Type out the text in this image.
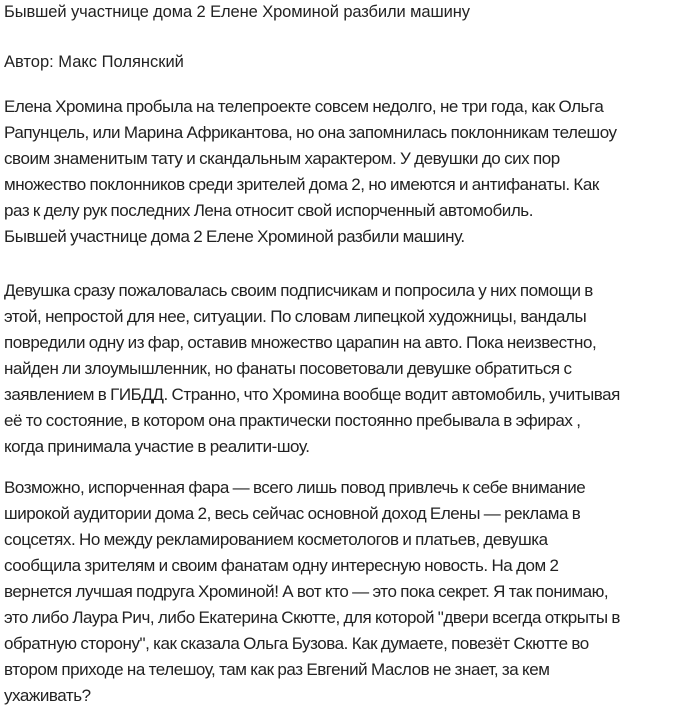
Бывшей участнице дома 2 Елене Хроминой разбили машину
Автор: Макс Полянский
Елена Хромина пробыла на телепроекте совсем недолго, не три года, как Ольга
Рапунцель, или Марина Африкантова, но она запомнилась поклонникам телешоу
своим знаменитым тату и скандальным характером. У девушки до сих пор
множество поклонников среди зрителей дома 2, но имеются и антифанаты. Как
раз к делу рук последних Лена относит свой испорченный автомобиль.
Бывшей участнице дома 2 Елене Хроминой разбили машину.
Девушка сразу пожаловалась своим подписчикам и попросила у них помощи в
этой, непростой для нее, ситуации. По словам липецкой художницы, вандалы
повредили одну из фар, оставив множество царапин на авто. Пока неизвестно,
найден ли злоумышленник, но фанаты посоветовали девушке обратиться с
заявлением в ГИБДД. Странно, что Хромина вообще водит автомобиль, учитывая
её то состояние, в котором она практически постоянно пребывала в эфирах ,
когда принимала участие в реалити-шоу.
Возможно, испорченная фара — всего лишь повод привлечь к себе внимание
широкой аудитории дома 2, весь сейчас основной доход Елены — реклама в
соцсетях. Но между рекламированием косметологов и платьев, девушка
сообщила зрителям и своим фанатам одну интересную новость. На дом 2
вернется лучшая подруга Хроминой! А вот кто — это пока секрет. Я так понимаю,
это либо Лаура Рич, либо Екатерина Скютте, для которой "двери всегда открыты в
обратную сторону", как сказала Ольга Бузова. Как думаете, повезёт Скютте во
втором приходе на телешоу, там как раз Евгений Маслов не знает, за кем
ухаживать?
